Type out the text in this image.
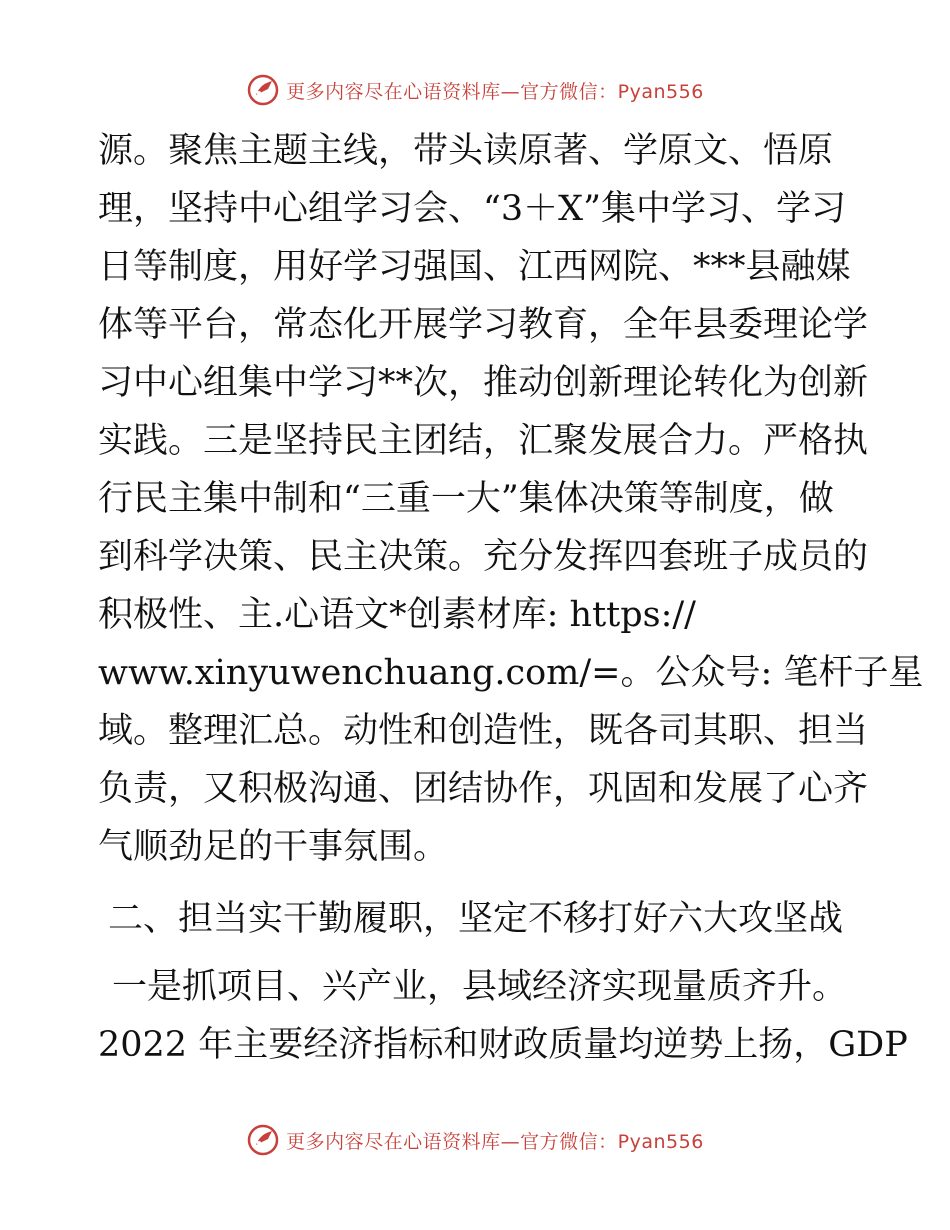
更多内容尽在心语资料库—官方微信：Pyan556
源。聚焦主题主线，带头读原著、学原文、悟原
理，坚持中心组学习会、“3＋X”集中学习、学习
日等制度，用好学习强国、江西网院、***县融媒
体等平台，常态化开展学习教育，全年县委理论学
习中心组集中学习**次，推动创新理论转化为创新
实践。三是坚持民主团结，汇聚发展合力。严格执
行民主集中制和“三重一大”集体决策等制度，做
到科学决策、民主决策。充分发挥四套班子成员的
积极性、主.心语文*创素材库: https://
www.xinyuwenchuang.com/=。公众号: 笔杆子星
域。整理汇总。动性和创造性，既各司其职、担当
负责，又积极沟通、团结协作，巩固和发展了心齐
气顺劲足的干事氛围。
二、担当实干勤履职，坚定不移打好六大攻坚战
一是抓项目、兴产业，县域经济实现量质齐升。
2022 年主要经济指标和财政质量均逆势上扬，GDP
更多内容尽在心语资料库—官方微信：Pyan556
